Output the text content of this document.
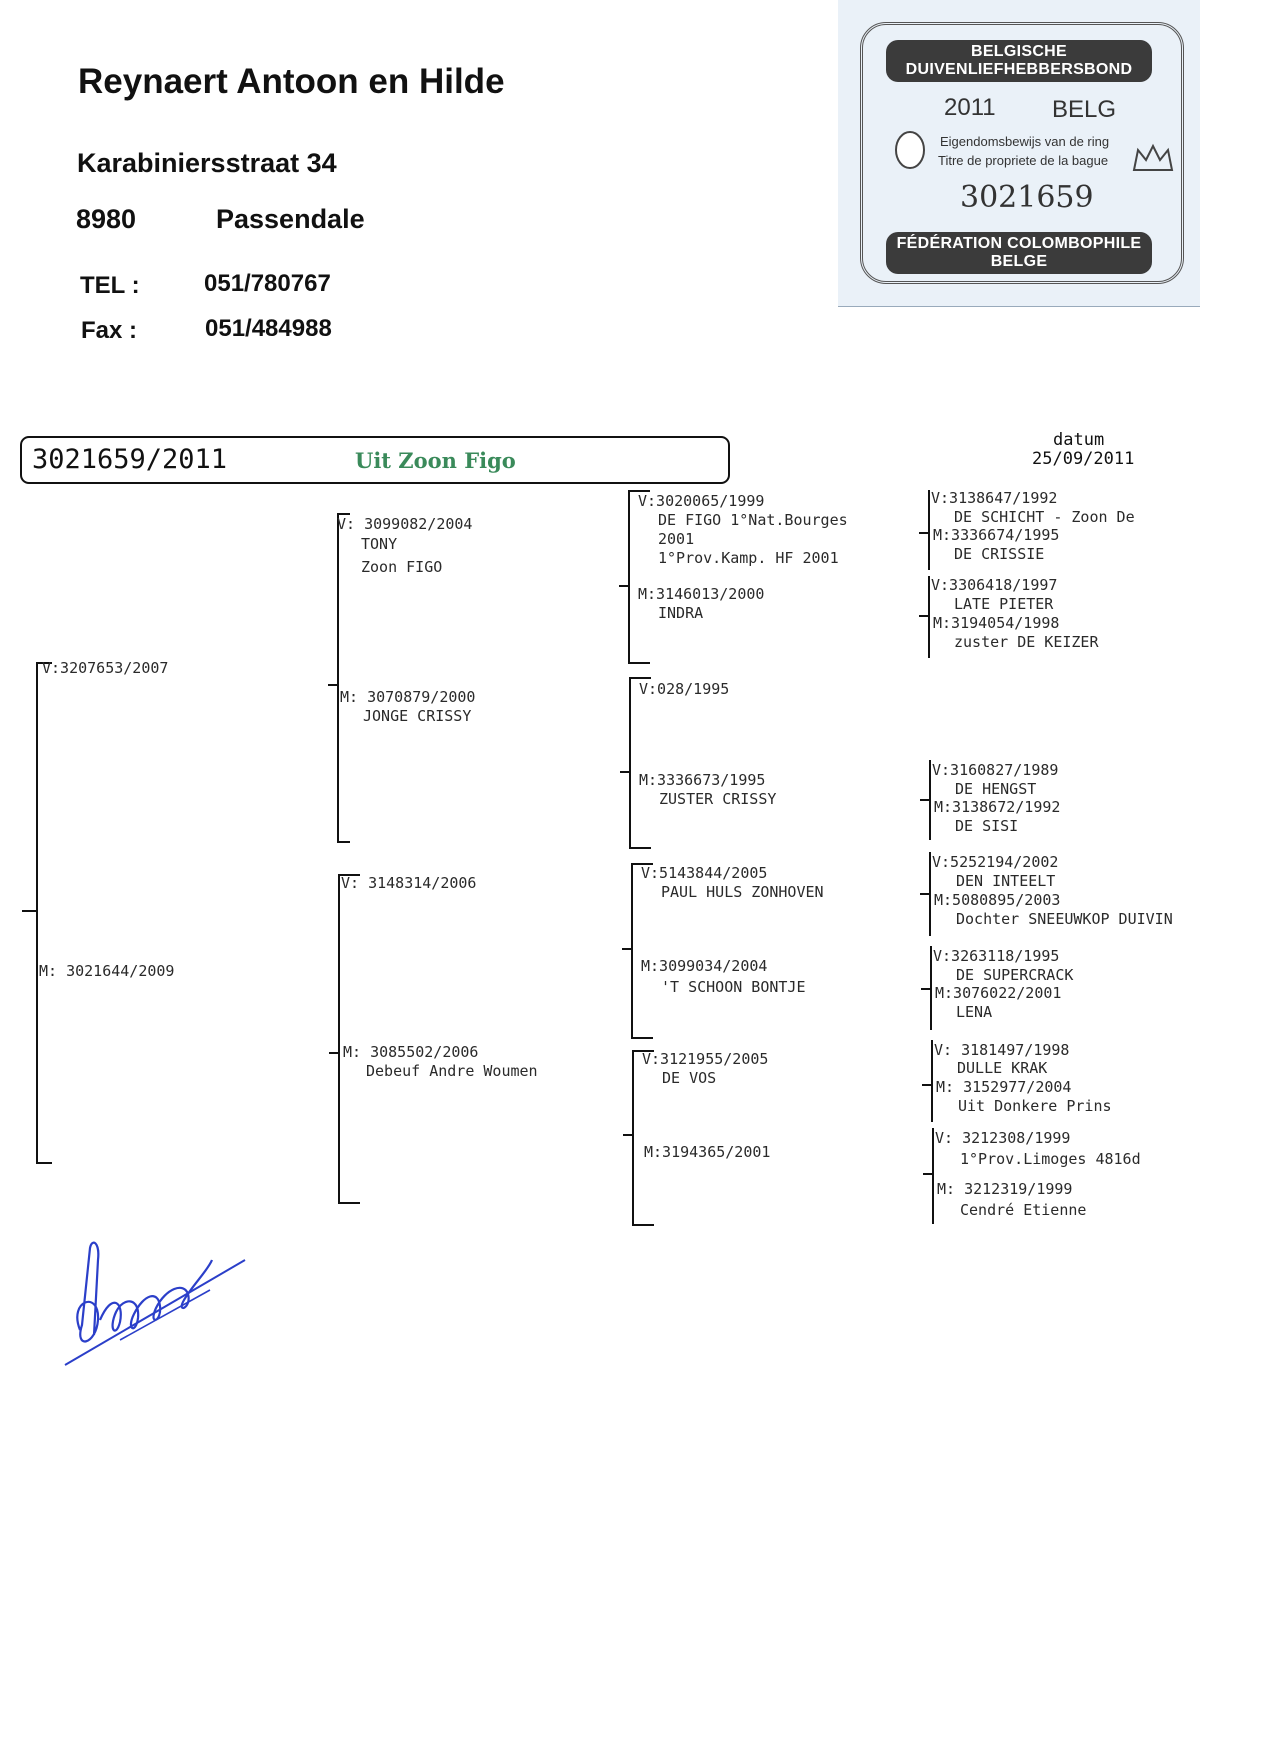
Reynaert Antoon en Hilde
Karabiniersstraat 34
8980	Passendale
TEL :	051/780767
Fax :	051/484988
BELGISCHE DUIVENLIEFHEBBERSBOND
2011 BELG
Eigendomsbewijs van de ring
Titre de propriete de la bague
3021659
FÉDÉRATION COLOMBOPHILE BELGE
3021659/2011	Uit Zoon Figo
datum
25/09/2011
V:3207653/2007
M: 3021644/2009
V: 3099082/2004
TONY
Zoon FIGO
M: 3070879/2000
JONGE CRISSY
V: 3148314/2006
M: 3085502/2006
Debeuf Andre Woumen
V:3020065/1999
DE FIGO 1°Nat.Bourges
2001
1°Prov.Kamp. HF 2001
M:3146013/2000
INDRA
V:028/1995
M:3336673/1995
ZUSTER CRISSY
V:5143844/2005
PAUL HULS ZONHOVEN
M:3099034/2004
'T SCHOON BONTJE
V:3121955/2005
DE VOS
M:3194365/2001
V:3138647/1992
DE SCHICHT - Zoon De
M:3336674/1995
DE CRISSIE
V:3306418/1997
LATE PIETER
M:3194054/1998
zuster DE KEIZER
V:3160827/1989
DE HENGST
M:3138672/1992
DE SISI
V:5252194/2002
DEN INTEELT
M:5080895/2003
Dochter SNEEUWKOP DUIVIN
V:3263118/1995
DE SUPERCRACK
M:3076022/2001
LENA
V: 3181497/1998
DULLE KRAK
M: 3152977/2004
Uit Donkere Prins
V: 3212308/1999
1°Prov.Limoges 4816d
M: 3212319/1999
Cendré Etienne
